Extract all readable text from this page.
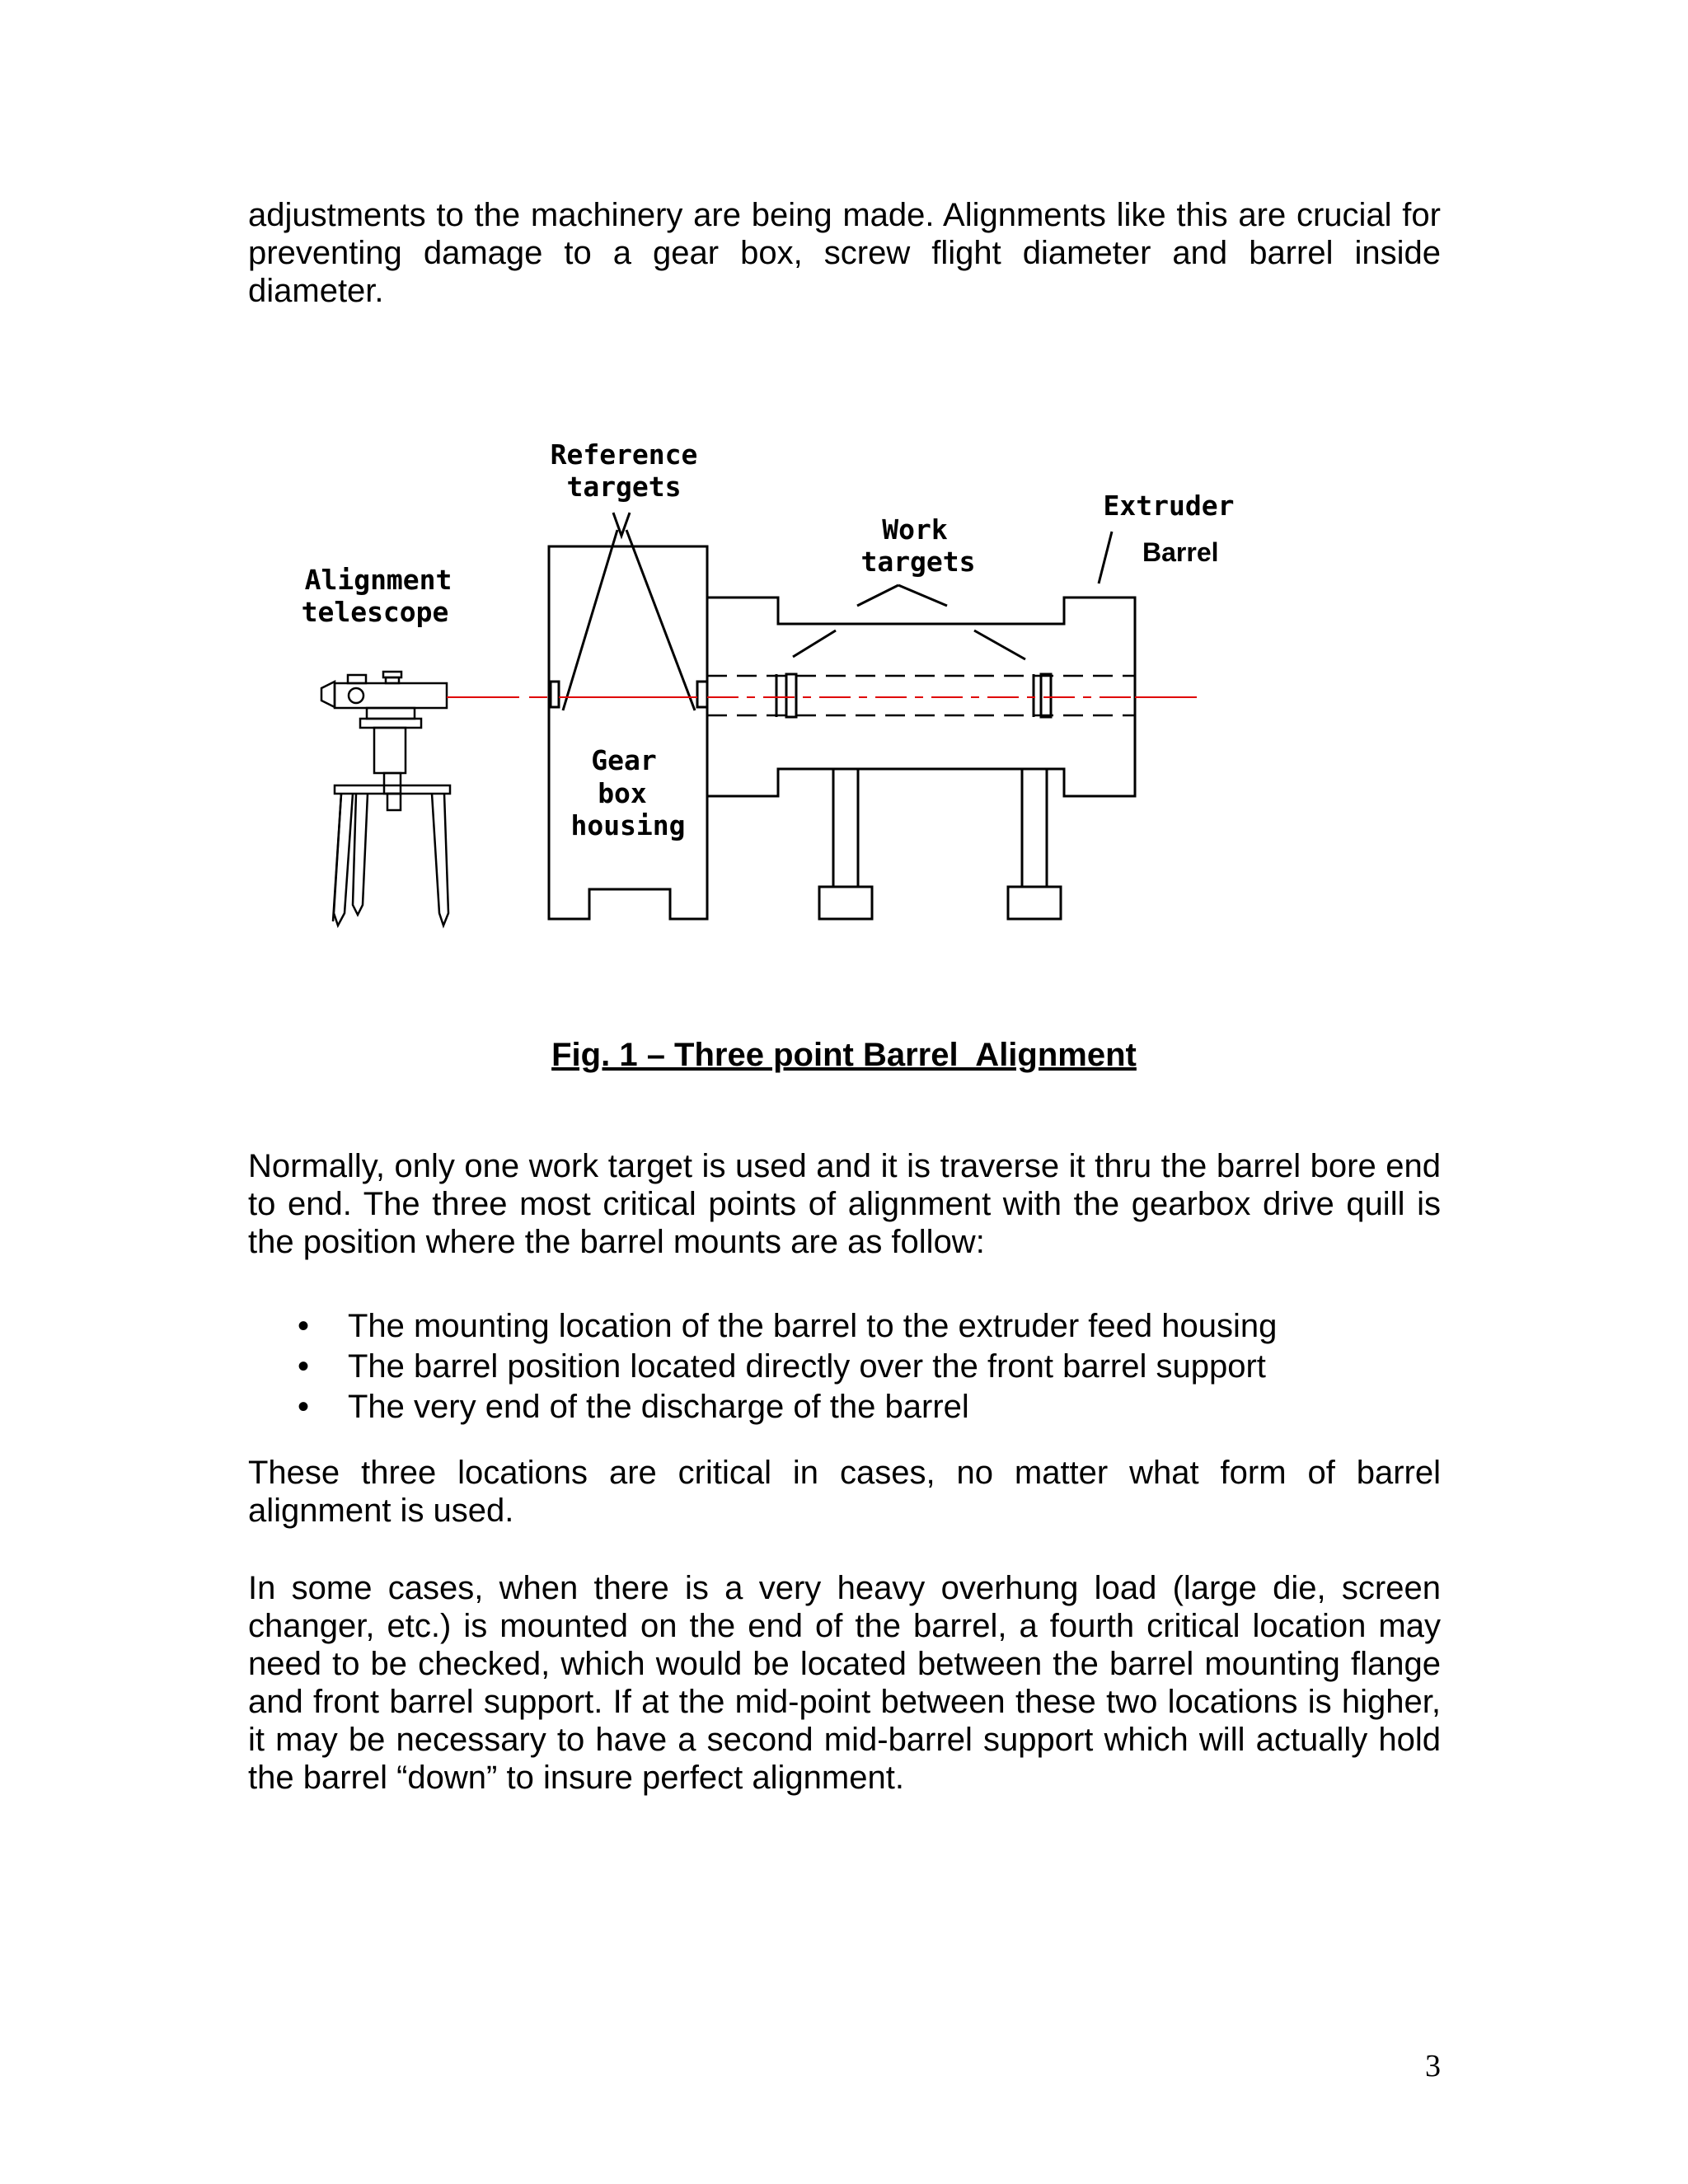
adjustments to the machinery are being made. Alignments like this are crucial for preventing damage to a gear box, screw flight diameter and barrel inside diameter.

Reference
targets
Work
targets
Extruder
Barrel
Alignment
telescope
Gear
box
housing
Fig. 1 – Three point Barrel  Alignment

Normally, only one work target is used and it is traverse it thru the barrel bore end to end. The three most critical points of alignment with the gearbox drive quill is the position where the barrel mounts are as follow:

• The mounting location of the barrel to the extruder feed housing
• The barrel position located directly over the front barrel support
• The very end of the discharge of the barrel

These three locations are critical in cases, no matter what form of barrel alignment is used.

In some cases, when there is a very heavy overhung load (large die, screen changer, etc.) is mounted on the end of the barrel, a fourth critical location may need to be checked, which would be located between the barrel mounting flange and front barrel support. If at the mid-point between these two locations is higher, it may be necessary to have a second mid-barrel support which will actually hold the barrel “down” to insure perfect alignment.

3
